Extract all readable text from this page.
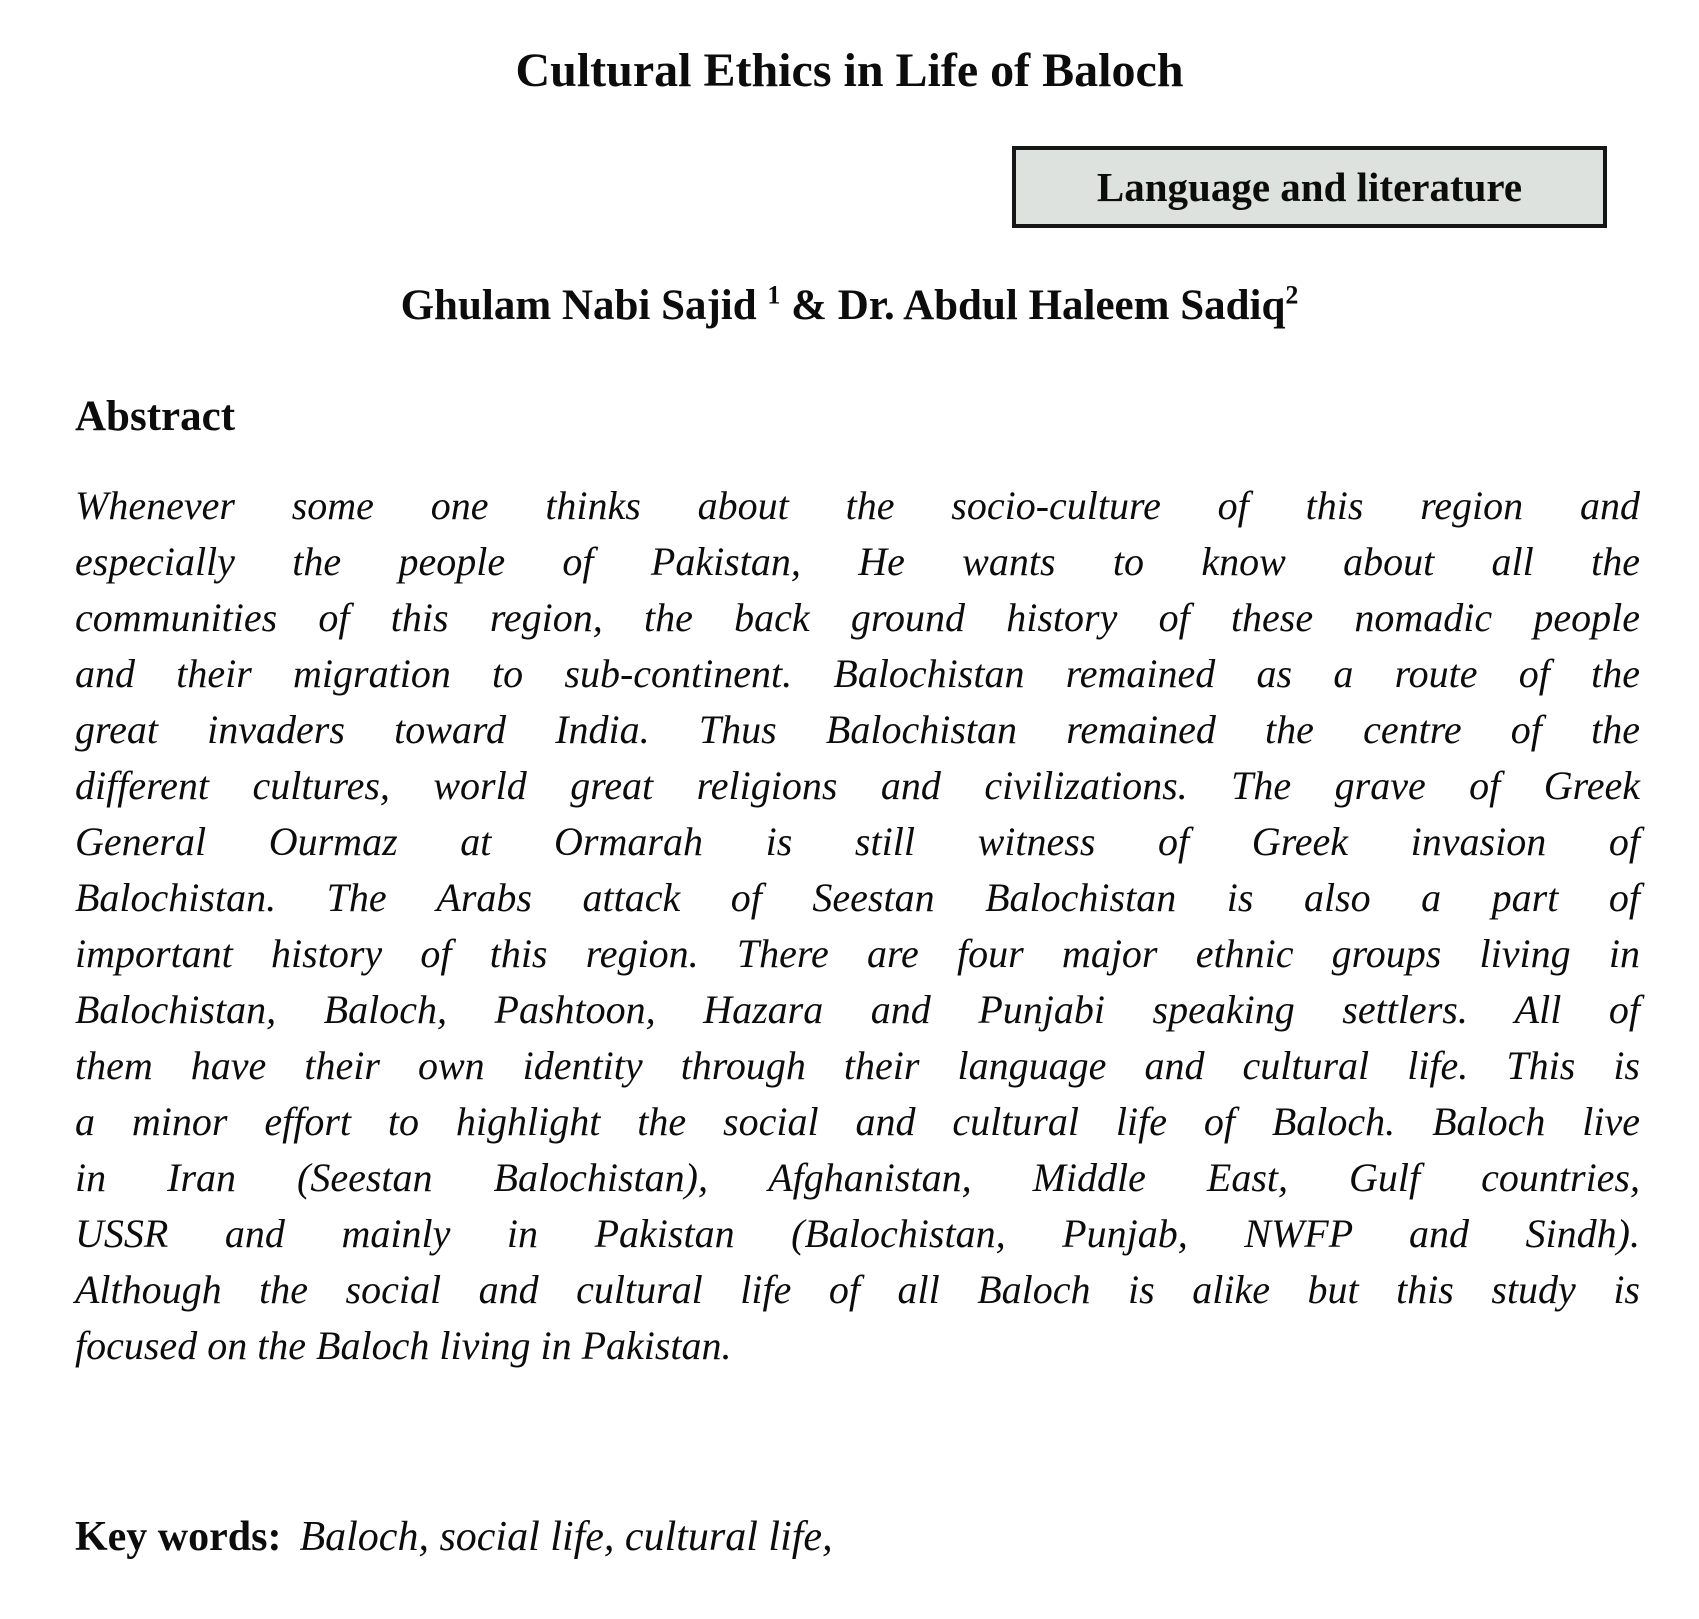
Cultural Ethics in Life of Baloch
Language and literature
Ghulam Nabi Sajid $^1$ & Dr. Abdul Haleem Sadiq$^2$
Abstract
Whenever some one thinks about the socio-culture of this region and
especially the people of Pakistan, He wants to know about all the
communities of this region, the back ground history of these nomadic people
and their migration to sub-continent. Balochistan remained as a route of the
great invaders toward India. Thus Balochistan remained the centre of the
different cultures, world great religions and civilizations. The grave of Greek
General Ourmaz at Ormarah is still witness of Greek invasion of
Balochistan. The Arabs attack of Seestan Balochistan is also a part of
important history of this region. There are four major ethnic groups living in
Balochistan, Baloch, Pashtoon, Hazara and Punjabi speaking settlers. All of
them have their own identity through their language and cultural life. This is
a minor effort to highlight the social and cultural life of Baloch. Baloch live
in Iran (Seestan Balochistan), Afghanistan, Middle East, Gulf countries,
USSR and mainly in Pakistan (Balochistan, Punjab, NWFP and Sindh).
Although the social and cultural life of all Baloch is alike but this study is
focused on the Baloch living in Pakistan.
Key words: Baloch, social life, cultural life,
